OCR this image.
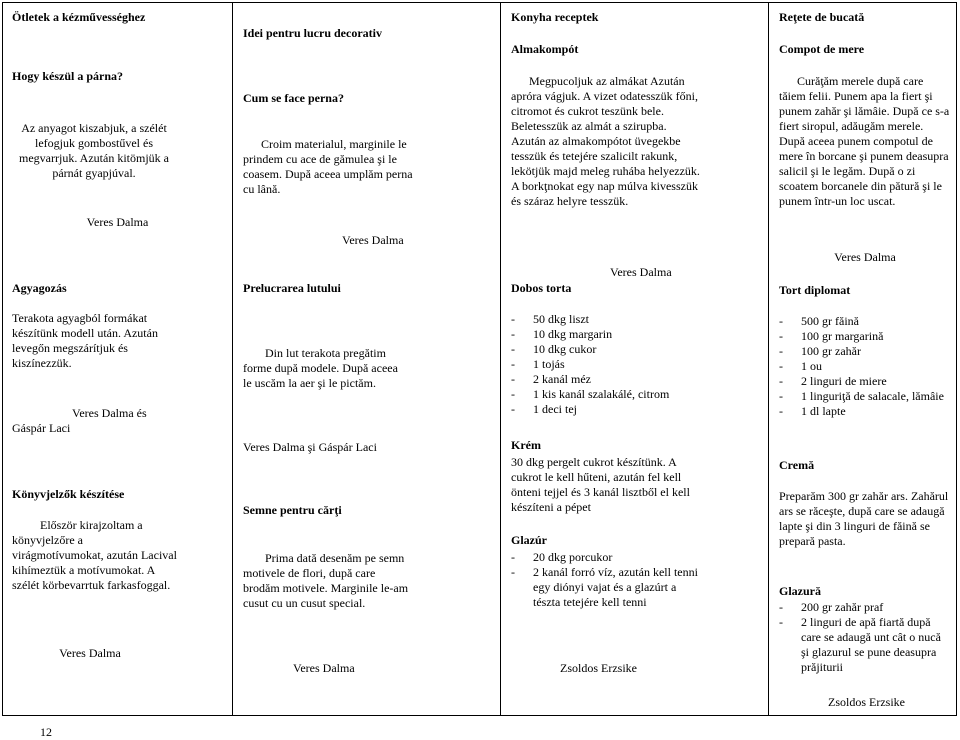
Ötletek a kézművességhez
Hogy készül a párna?
Az anyagot kiszabjuk, a szélét lefogjuk gombostűvel és megvarrjuk. Azután kitömjük a párnát gyapjúval.
Veres Dalma
Agyagozás
Terakota agyagból formákat készítünk modell után. Azután levegőn megszárítjuk és kiszínezzük.
Veres Dalma és Gáspár Laci
Könyvjelzők készítése
Először kirajzoltam a könyvjelzőre a virágmotívumokat, azután Lacival kihímeztük a motívumokat. A szélét körbevarrtuk farkasfoggal.
Veres Dalma
Idei pentru lucru decorativ
Cum se face perna?
Croim materialul, marginile le prindem cu ace de gămulea şi le coasem. După aceea umplăm perna cu lână.
Veres Dalma
Prelucrarea lutului
Din lut terakota pregătim forme după modele. După aceea le uscăm la aer şi le pictăm.
Veres Dalma şi Gáspár Laci
Semne pentru cărţi
Prima dată desenăm pe semn motivele de flori, după care brodăm motivele. Marginile le-am cusut cu un cusut special.
Veres Dalma
Konyha receptek
Almakompót
Megpucoljuk az almákat Azután apróra vágjuk. A vizet odatesszük főni, citromot és cukrot teszünk bele. Beletesszük az almát a szirupba. Azután az almakompótot üvegekbe tesszük és tetejére szalicilt rakunk, lekötjük majd meleg ruhába helyezzük. A borkţnokat egy nap múlva kivesszük és száraz helyre tesszük.
Veres Dalma
Dobos torta
- 50 dkg liszt
- 10 dkg margarin
- 10 dkg cukor
- 1 tojás
- 2 kanál méz
- 1 kis kanál szalakálé, citrom
- 1 deci tej
Krém
30 dkg pergelt cukrot készítünk. A cukrot le kell hűteni, azután fel kell önteni tejjel és 3 kanál lisztből el kell készíteni a pépet
Glazúr
- 20 dkg porcukor
- 2 kanál forró víz, azután kell tenni egy diónyi vajat és a glazúrt a tészta tetejére kell tenni
Zsoldos Erzsike
Reţete de bucată
Compot de mere
Curăţăm merele după care tăiem felii. Punem apa la fiert şi punem zahăr şi lămâie. După ce s-a fiert siropul, adăugăm merele. După aceea punem compotul de mere în borcane şi punem deasupra salicil şi le legăm. După o zi scoatem borcanele din pătură şi le punem într-un loc uscat.
Veres Dalma
Tort diplomat
- 500 gr făină
- 100 gr margarină
- 100 gr zahăr
- 1 ou
- 2 linguri de miere
- 1 linguriţă de salacale, lămâie
- 1 dl lapte
Cremă
Preparăm 300 gr zahăr ars. Zahărul ars se răceşte, după care se adaugă lapte şi din 3 linguri de făină se prepară pasta.
Glazură
- 200 gr zahăr praf
- 2 linguri de apă fiartă după care se adaugă unt cât o nucă şi glazurul se pune deasupra prăjiturii
Zsoldos Erzsike
12
